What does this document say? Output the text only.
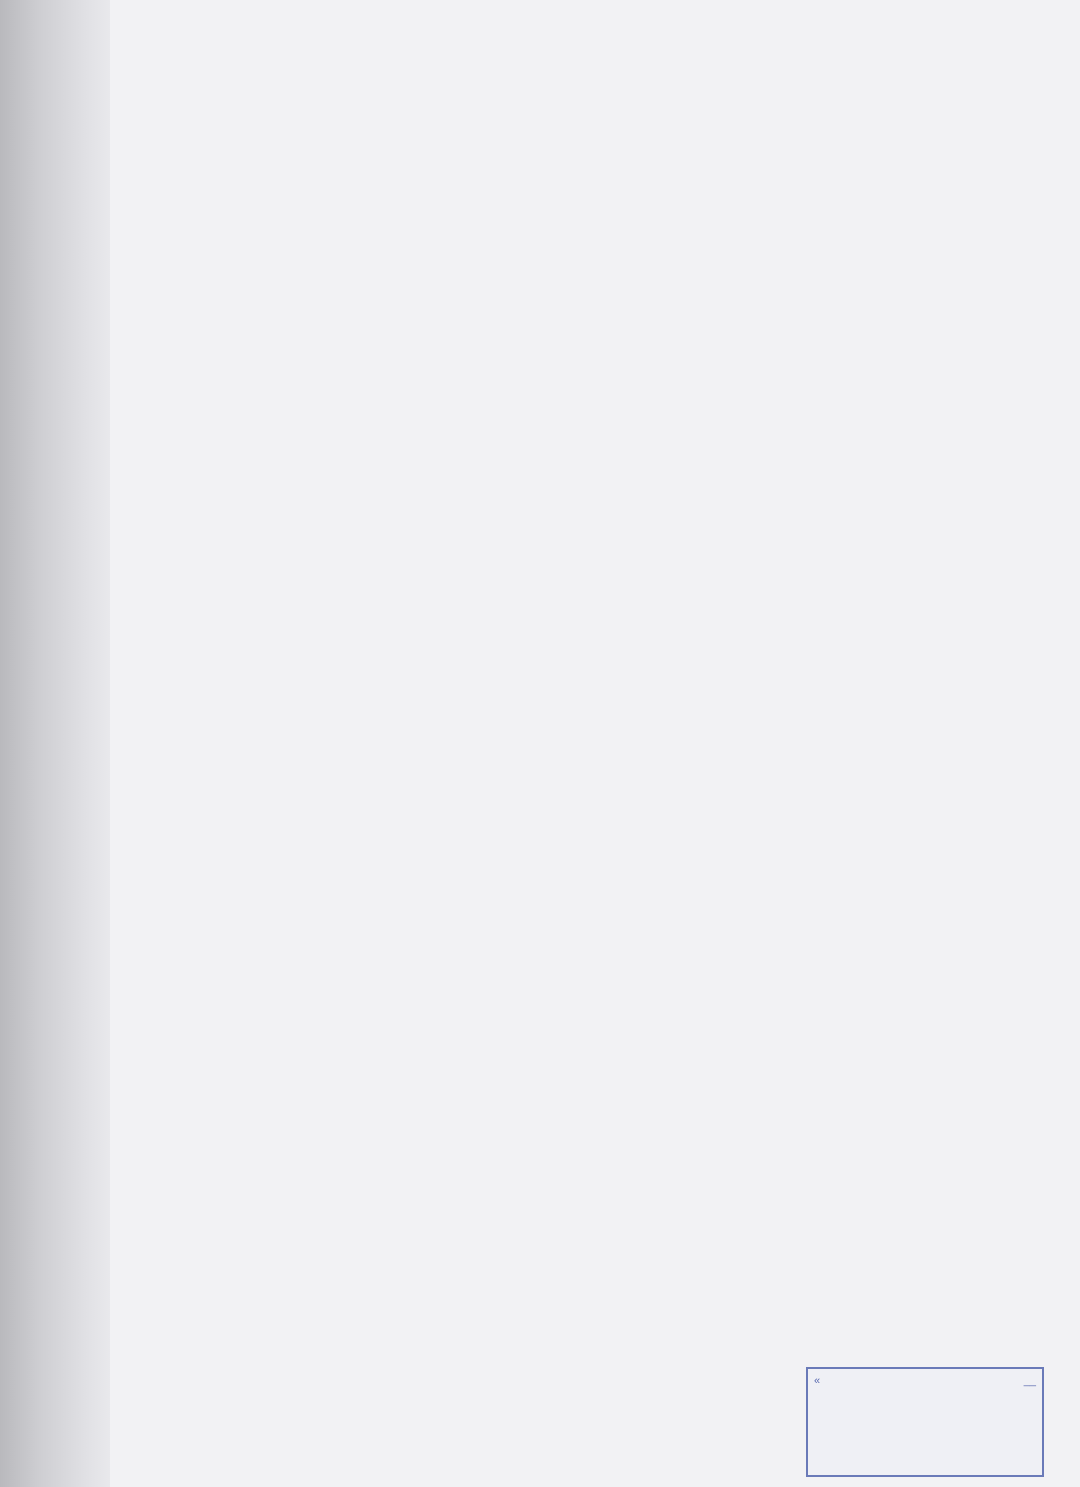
«	__
